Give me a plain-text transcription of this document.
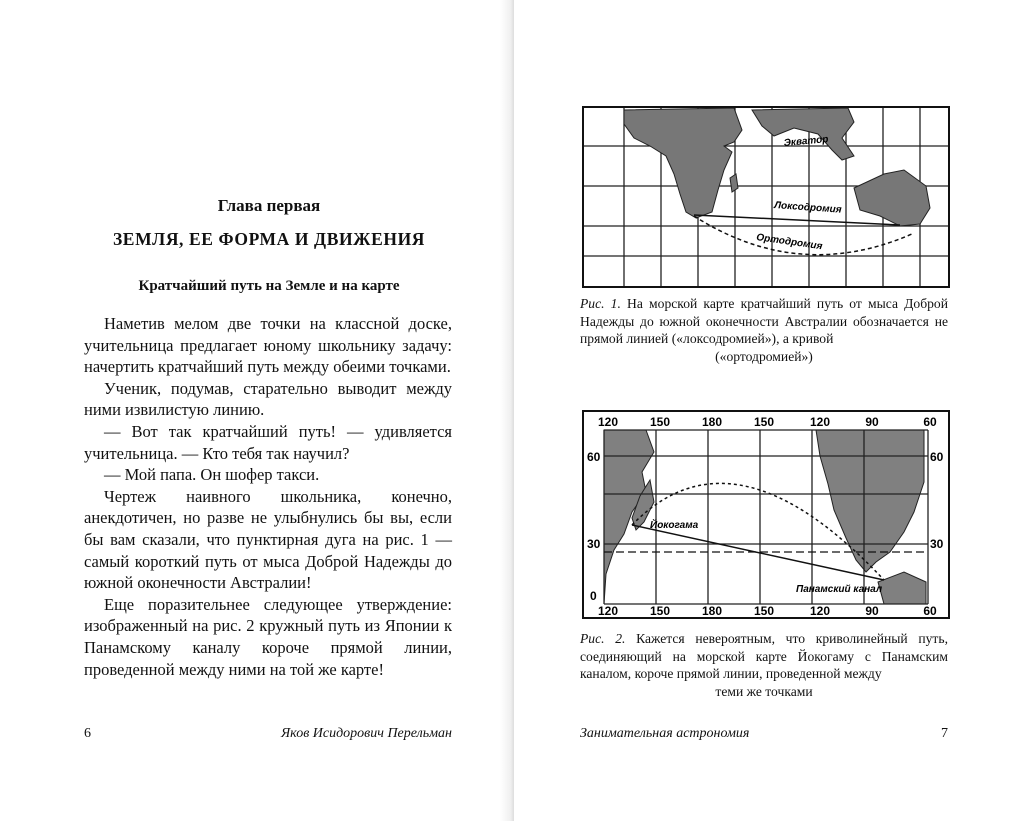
Глава первая
ЗЕМЛЯ, ЕЕ ФОРМА И ДВИЖЕНИЯ
Кратчайший путь на Земле и на карте

Наметив мелом две точки на классной доске, учительница предлагает юному школьнику задачу: начертить кратчайший путь между обеими точками.

Ученик, подумав, старательно выводит между ними извилистую линию.

— Вот так кратчайший путь! — удивляется учительница. — Кто тебя так научил?

— Мой папа. Он шофер такси.

Чертеж наивного школьника, конечно, анекдотичен, но разве не улыбнулись бы вы, если бы вам сказали, что пунктирная дуга на рис. 1 — самый короткий путь от мыса Доброй Надежды до южной оконечности Австралии!

Еще поразительнее следующее утверждение: изображенный на рис. 2 кружный путь из Японии к Панамскому каналу короче прямой линии, проведенной между ними на той же карте!

6	Яков Исидорович Перельман
Экватор
Локсодромия
Ортодромия
Рис. 1. На морской карте кратчайший путь от мыса Доброй Надежды до южной оконечности Австралии обозначается не прямой линией («локсодромией»), а кривой
(«ортодромией»)
120	150	180	150	120	90	60
120	150	180	150	120	90	60
60
30
0
60
30
Йокогама
Панамский канал
Рис. 2. Кажется невероятным, что криволинейный путь, соединяющий на морской карте Йокогаму с Панамским каналом, короче прямой линии, проведенной между
теми же точками
Занимательная астрономия	7
